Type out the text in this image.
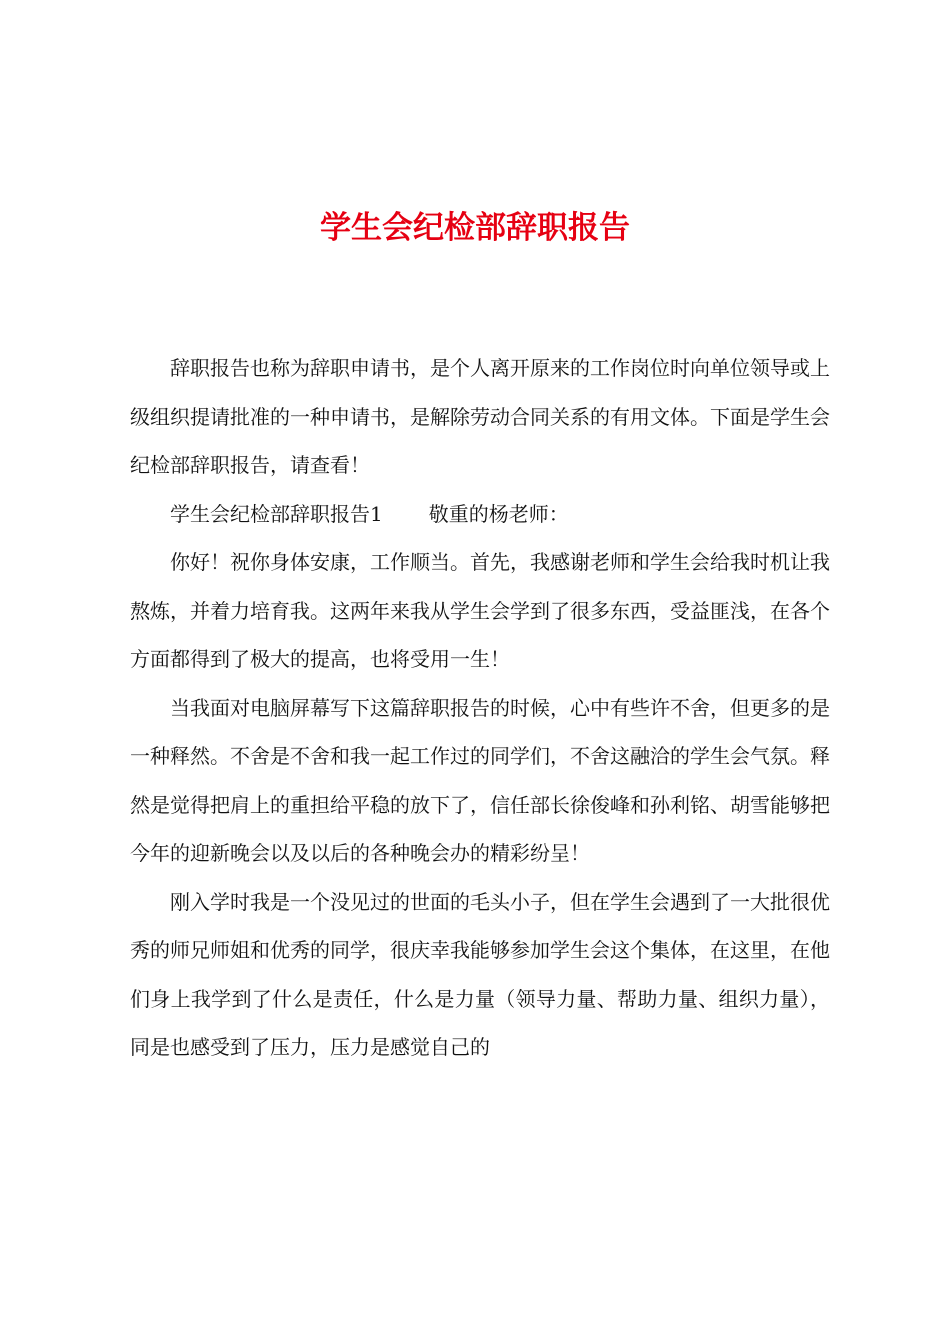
学生会纪检部辞职报告

辞职报告也称为辞职申请书，是个人离开原来的工作岗位时向单位领导或上级组织提请批准的一种申请书，是解除劳动合同关系的有用文体。下面是学生会纪检部辞职报告，请查看！

学生会纪检部辞职报告1 敬重的杨老师：

你好！祝你身体安康，工作顺当。首先，我感谢老师和学生会给我时机让我熬炼，并着力培育我。这两年来我从学生会学到了很多东西，受益匪浅，在各个方面都得到了极大的提高，也将受用一生！

当我面对电脑屏幕写下这篇辞职报告的时候，心中有些许不舍，但更多的是一种释然。不舍是不舍和我一起工作过的同学们，不舍这融洽的学生会气氛。释然是觉得把肩上的重担给平稳的放下了，信任部长徐俊峰和孙利铭、胡雪能够把今年的迎新晚会以及以后的各种晚会办的精彩纷呈！

刚入学时我是一个没见过的世面的毛头小子，但在学生会遇到了一大批很优秀的师兄师姐和优秀的同学，很庆幸我能够参加学生会这个集体，在这里，在他们身上我学到了什么是责任，什么是力量（领导力量、帮助力量、组织力量），同是也感受到了压力，压力是感觉自己的
